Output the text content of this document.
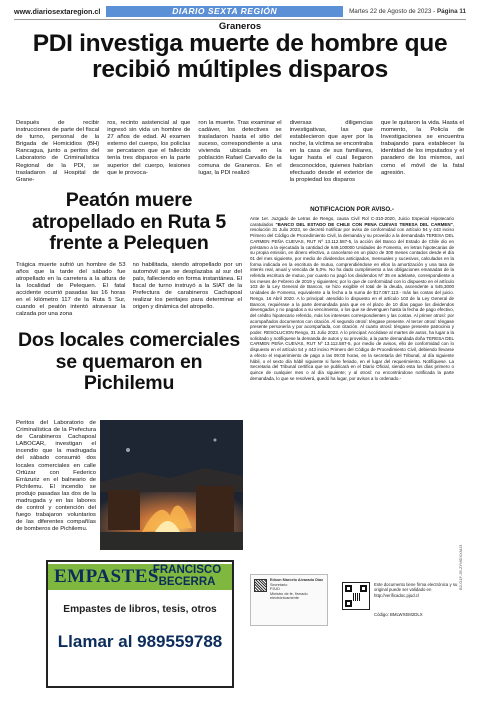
www.diariosextaregion.cl	DIARIO SEXTA REGIÓN	Martes 22 de Agosto de 2023 - Página 11
Graneros
PDI investiga muerte de hombre que recibió múltiples disparos
Después de recibir instrucciones de parte del fiscal de turno, personal de la Brigada de Homicidios (BH) Rancagua, junto a peritos del Laboratorio de Criminalística Regional de la PDI, se trasladaron al Hospital de Grane-
ros, recinto asistencial al que ingresó sin vida un hombre de 27 años de edad. Al examen externo del cuerpo, los policías se percataron que el fallecido tenía tres disparos en la parte superior del cuerpo, lesiones que le provoca-
ron la muerte. Tras examinar el cadáver, los detectives se trasladaron hasta el sitio del suceso, correspondiente a una vivienda ubicada en la población Rafael Carvallo de la comuna de Graneros. En el lugar, la PDI realizó
diversas diligencias investigativas, las que establecieron que ayer por la noche, la víctima se encontraba en la casa de sus familiares, lugar hasta el cual llegaron desconocidos, quienes habrían efectuado desde el exterior de la propiedad los disparos
que le quitaron la vida. Hasta el momento, la Policía de Investigaciones se encuentra trabajando para establecer la identidad de los imputados y el paradero de los mismos, así como el móvil de la fatal agresión.
Peatón muere atropellado en Ruta 5 frente a Pelequen
Trágica muerte sufrió un hombre de 53 años que la tarde del sábado fue atropellado en la carretera a la altura de la localidad de Pelequen. El fatal accidente ocurrió pasadas las 16 horas en el kilómetro 117 de la Ruta 5 Sur, cuando el peatón intentó atravesar la calzada por una zona
no habilitada, siendo atropellado por un automóvil que se desplazaba al sur del país, falleciendo en forma instantánea. El fiscal de turno instruyó a la SIAT de la Prefectura de carabineros Cachapoal realizar los peritajes para determinar el origen y dinámica del atropello.
Dos locales comerciales se quemaron en Pichilemu
Peritos del Laboratorio de Criminalística de la Prefectura de Carabineros Cachapoal LABOCAR, investigan el incendio que la madrugada del sábado consumió dos locales comerciales en calle Ortúzar con Federico Errázuriz en el balneario de Pichilemu. El incendio se produjo pasadas las dos de la madrugada y en las labores de control y contención del fuego trabajaron voluntarios de las diferentes compañías de bomberos de Pichilemu.
EMPASTES
FRANCISCO BECERRA
Empastes de libros, tesis, otros
Llamar al 989559788
NOTIFICACION POR AVISO.-
Ante 1er. Juzgado de Letras de Rengo, causa Civil Rol C-310-2020, Juicio Especial Hipotecario caratulados "BANCO DEL ESTADO DE CHILE CON PENA CUEVAS TERESA DEL CARMEN", resolución 31 Julio 2023, se decretó notificar por aviso de conformidad con artículo 54 y 443 inciso Primero del Código de Procedimiento Civil, la demanda y su proveído a la demandada TERESA DEL CARMEN PEÑA CUEVAS, RUT Nº 13.112.587-5, la acción del Banco del Estado de Chile dio en préstamo a la ejecutada la cantidad de 649,100000 Unidades de Fomento, en letras hipotecarias de su propia emisión, en dinero efectivo, a cancelarse en un plazo de 300 meses contados desde el día 01 del mes siguiente, por medio de dividendos anticipados, mensuales y sucesivos, calculados en la forma indicada en la escritura de mutuo, comprendiéndose en ellos la amortización y una tasa de interés real, anual y vencida de 5,0%. No ha dado cumplimiento a las obligaciones emanadas de la referida escritura de mutuo, por cuanto no pagó los dividendos Nº 35 en adelante, correspondiente a los meses de Febrero de 2019 y siguientes; por lo que de conformidad con lo dispuesto en el artículo 103 de la Ley General de Bancos, se hizo exigible el total de la deuda, ascendente a 545,3000 Unidades de Fomento, equivalente a la fecha a la suma de $17.067.113.- más las costas del juicio. Rengo, 16 Abril 2020. A lo principal: atendido lo dispuesto en el artículo 103 de la Ley General de Bancos, requiérase a la parte demandada para que en el plazo de 10 días pague los dividendos devengados y no pagados a su vencimiento, o los que se devenguen hasta la fecha de pago efectivo, del crédito hipotecario referido, más los intereses correspondientes y las costas. Al primer otrosí: por acompañados documentos con citación. Al segundo otrosí: téngase presente. Al tercer otrosí: téngase presente personería y por acompañada, con citación. Al cuarto otrosí: téngase presente patrocinio y poder. RESOLUCION Rengo, 31 Julio 2023. A lo principal: Accédase al martes de autos, ha lugar a la solicitado y notifíquese la demanda de autos y su proveído, a la parte demandada doña TERESA DEL CARMEN PEÑA CUEVAS, RUT Nº 13.112.587-5, por medio de avisos, ello de conformidad con lo dispuesto en el artículo 54 y 443 inciso Primero del Código de Procedimiento Civil, debiendo llevarse a efecto el requerimiento de pago a las 09:00 horas, en la secretaría del Tribunal, al día siguiente hábil, o el sexto día hábil siguiente si fuere feriado, en el lugar del requerimiento. Notifíquese. La Secretaria del Tribunal certifica que se publicará en el Diario Oficial, siendo esta los días primero o quince de cualquier mes o al día siguiente; y al otrosí: no encontrándose notificada la parte demandada, lo que se resolverá, quedó ha lugar, por avisos a lo ordenado.-
Edson Marcelo Alvarado Díaz
Secretario
PJUD
Ministro de fe, firmado electrónicamente
Este documento tiene firma electrónica y su original puede ser validado en http://verificadoc.pjud.cl
Código: BMLWXEM2DLX
B2-O1F-35-ZYMDXXMJ3
